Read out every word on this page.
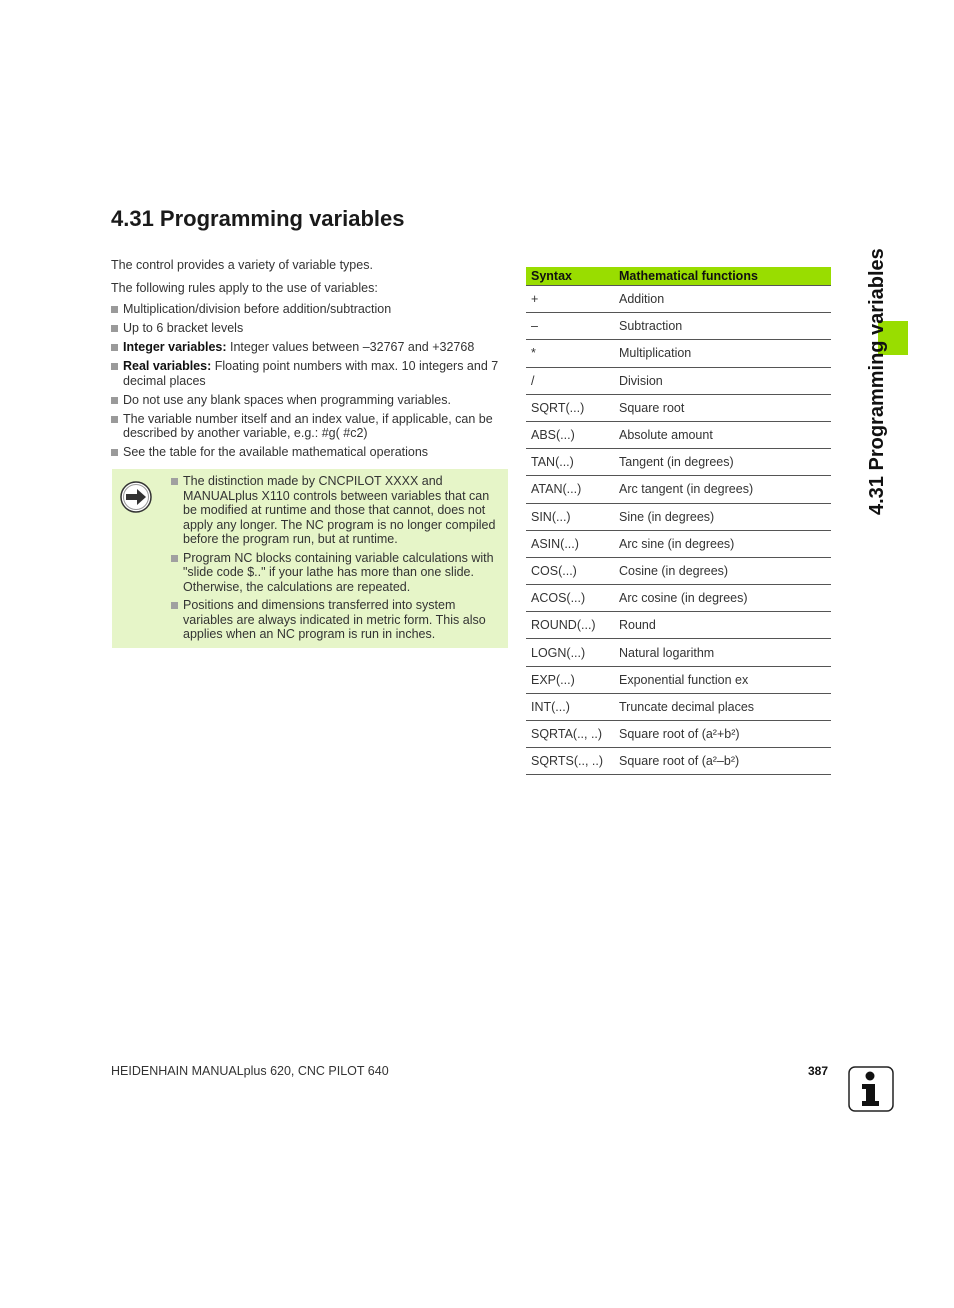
4.31 Programming variables

The control provides a variety of variable types.

The following rules apply to the use of variables:

Multiplication/division before addition/subtraction
Up to 6 bracket levels
Integer variables: Integer values between –32767 and +32768
Real variables: Floating point numbers with max. 10 integers and 7 decimal places
Do not use any blank spaces when programming variables.
The variable number itself and an index value, if applicable, can be described by another variable, e.g.: #g( #c2)
See the table for the available mathematical operations
The distinction made by CNCPILOT XXXX and MANUALplus X110 controls between variables that can be modified at runtime and those that cannot, does not apply any longer. The NC program is no longer compiled before the program run, but at runtime.
Program NC blocks containing variable calculations with "slide code $.." if your lathe has more than one slide. Otherwise, the calculations are repeated.
Positions and dimensions transferred into system variables are always indicated in metric form. This also applies when an NC program is run in inches.
Syntax	Mathematical functions
+	Addition
–	Subtraction
*	Multiplication
/	Division
SQRT(...)	Square root
ABS(...)	Absolute amount
TAN(...)	Tangent (in degrees)
ATAN(...)	Arc tangent (in degrees)
SIN(...)	Sine (in degrees)
ASIN(...)	Arc sine (in degrees)
COS(...)	Cosine (in degrees)
ACOS(...)	Arc cosine (in degrees)
ROUND(...)	Round
LOGN(...)	Natural logarithm
EXP(...)	Exponential function ex
INT(...)	Truncate decimal places
SQRTA(.., ..)	Square root of (a²+b²)
SQRTS(.., ..)	Square root of (a²–b²)
4.31 Programming variables
HEIDENHAIN MANUALplus 620, CNC PILOT 640	387
